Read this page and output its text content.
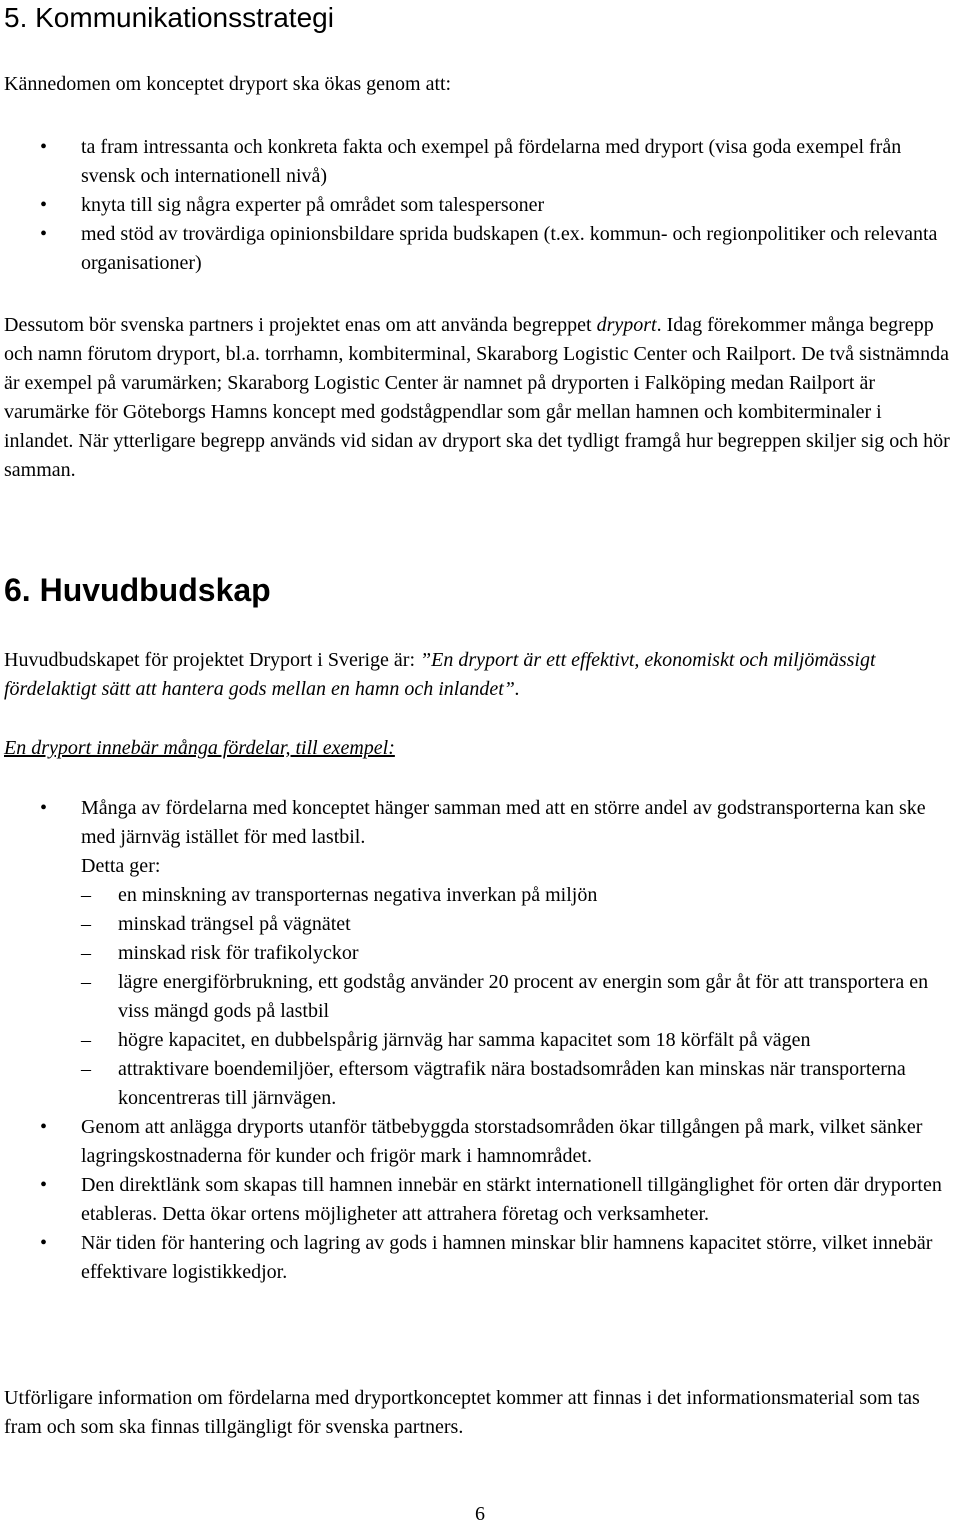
5. Kommunikationsstrategi

Kännedomen om konceptet dryport ska ökas genom att:

• ta fram intressanta och konkreta fakta och exempel på fördelarna med dryport (visa goda exempel från svensk och internationell nivå)
• knyta till sig några experter på området som talespersoner
• med stöd av trovärdiga opinionsbildare sprida budskapen (t.ex. kommun- och regionpolitiker och relevanta organisationer)

Dessutom bör svenska partners i projektet enas om att använda begreppet dryport. Idag förekommer många begrepp och namn förutom dryport, bl.a. torrhamn, kombiterminal, Skaraborg Logistic Center och Railport. De två sistnämnda är exempel på varumärken; Skaraborg Logistic Center är namnet på dryporten i Falköping medan Railport är varumärke för Göteborgs Hamns koncept med godstågpendlar som går mellan hamnen och kombiterminaler i inlandet. När ytterligare begrepp används vid sidan av dryport ska det tydligt framgå hur begreppen skiljer sig och hör samman.

6. Huvudbudskap

Huvudbudskapet för projektet Dryport i Sverige är: ”En dryport är ett effektivt, ekonomiskt och miljömässigt fördelaktigt sätt att hantera gods mellan en hamn och inlandet”.

En dryport innebär många fördelar, till exempel:

• Många av fördelarna med konceptet hänger samman med att en större andel av godstransporterna kan ske med järnväg istället för med lastbil.
Detta ger:
– en minskning av transporternas negativa inverkan på miljön
– minskad trängsel på vägnätet
– minskad risk för trafikolyckor
– lägre energiförbrukning, ett godståg använder 20 procent av energin som går åt för att transportera en viss mängd gods på lastbil
– högre kapacitet, en dubbelspårig järnväg har samma kapacitet som 18 körfält på vägen
– attraktivare boendemiljöer, eftersom vägtrafik nära bostadsområden kan minskas när transporterna koncentreras till järnvägen.
• Genom att anlägga dryports utanför tätbebyggda storstadsområden ökar tillgången på mark, vilket sänker lagringskostnaderna för kunder och frigör mark i hamnområdet.
• Den direktlänk som skapas till hamnen innebär en stärkt internationell tillgänglighet för orten där dryporten etableras. Detta ökar ortens möjligheter att attrahera företag och verksamheter.
• När tiden för hantering och lagring av gods i hamnen minskar blir hamnens kapacitet större, vilket innebär effektivare logistikkedjor.

Utförligare information om fördelarna med dryportkonceptet kommer att finnas i det informationsmaterial som tas fram och som ska finnas tillgängligt för svenska partners.

6
